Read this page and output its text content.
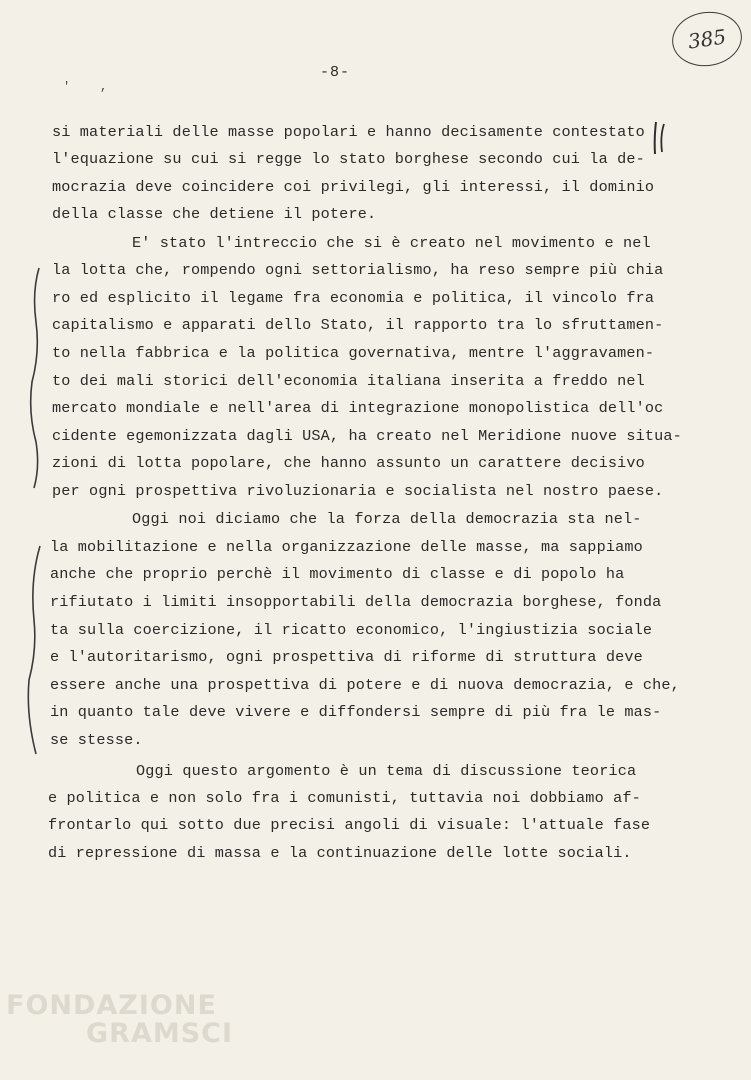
' ,
-8-
385
si materiali delle masse popolari e hanno decisamente contestato
l'equazione su cui si regge lo stato borghese secondo cui la de-
mocrazia deve coincidere coi privilegi, gli interessi, il dominio
della classe che detiene il potere.
E' stato l'intreccio che si è creato nel movimento e nel
la lotta che, rompendo ogni settorialismo, ha reso sempre più chia
ro ed esplicito il legame fra economia e politica, il vincolo fra
capitalismo e apparati dello Stato, il rapporto tra lo sfruttamen-
to nella fabbrica e la politica governativa, mentre l'aggravamen-
to dei mali storici dell'economia italiana inserita a freddo nel
mercato mondiale e nell'area di integrazione monopolistica dell'oc
cidente egemonizzata dagli USA, ha creato nel Meridione nuove situa-
zioni di lotta popolare, che hanno assunto un carattere decisivo
per ogni prospettiva rivoluzionaria e socialista nel nostro paese.
Oggi noi diciamo che la forza della democrazia sta nel-
la mobilitazione e nella organizzazione delle masse, ma sappiamo
anche che proprio perchè il movimento di classe e di popolo ha
rifiutato i limiti insopportabili della democrazia borghese, fonda
ta sulla coercizione, il ricatto economico, l'ingiustizia sociale
e l'autoritarismo, ogni prospettiva di riforme di struttura deve
essere anche una prospettiva di potere e di nuova democrazia, e che,
in quanto tale deve vivere e diffondersi sempre di più fra le mas-
se stesse.
Oggi questo argomento è un tema di discussione teorica
e politica e non solo fra i comunisti, tuttavia noi dobbiamo af-
frontarlo qui sotto due precisi angoli di visuale: l'attuale fase
di repressione di massa e la continuazione delle lotte sociali.
FONDAZIONE
GRAMSCI
